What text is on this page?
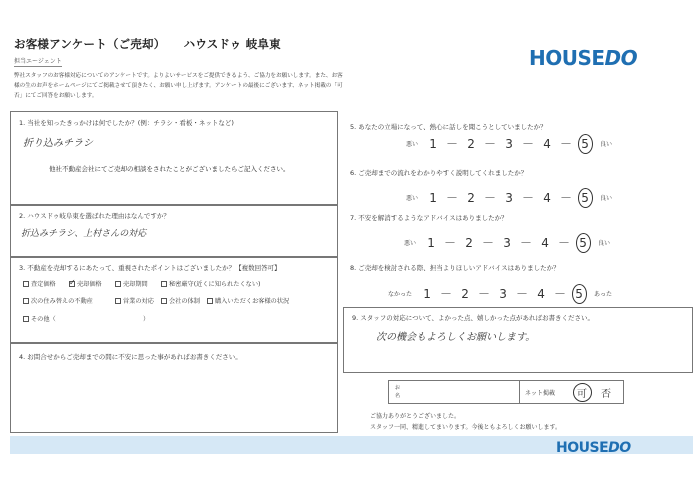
お客様アンケート（ご売却） ハウスドゥ 岐阜東
担当エージェント
弊社スタッフのお客様対応についてのアンケートです。よりよいサービスをご提供できるよう、ご協力をお願いします。また、お客様の生のお声をホームページにてご掲載させて頂きたく、お願い申し上げます。アンケートの最後にございます、ネット掲載の「可 否」にてご回答をお願いします。
HOUSEDO
1. 当社を知ったきっかけは何でしたか？(例：チラシ・看板・ネットなど)
折り込みチラシ
他社不動産会社にてご売却の相談をされたことがございましたらご記入ください。
2. ハウスドゥ岐阜東を選ばれた理由はなんですか？
折込みチラシ、上村さんの対応
3. 不動産を売却するにあたって、重視されたポイントはございましたか？【複数回答可】
査定価格
✓	売却価格	売却期間	秘密厳守(近くに知られたくない)
次の住み替えの不動産	営業の対応	会社の体制	購入いただくお客様の状況
その他（	）
4. お問合せからご売却までの間に不安に思った事があればお書きください。
5. あなたの立場になって、熱心に話しを聞こうとしていましたか？
悪い 1 － 2 － 3 － 4 － 5	良い
6. ご売却までの流れをわかりやすく説明してくれましたか？
悪い 1 － 2 － 3 － 4 － 5	良い
7. 不安を解消するようなアドバイスはありましたか？
悪い 1 － 2 － 3 － 4 － 5	良い
8. ご売却を検討される際、担当よりほしいアドバイスはありましたか？
なかった 1 － 2 － 3 － 4 － 5	あった
9. スタッフの対応について、よかった点、嬉しかった点があればお書きください。
次の機会もよろしくお願いします。
お
名	ネット掲載 可 否
ご協力ありがとうございました。
スタッフ一同、精進してまいります。今後ともよろしくお願いします。
HOUSEDO
